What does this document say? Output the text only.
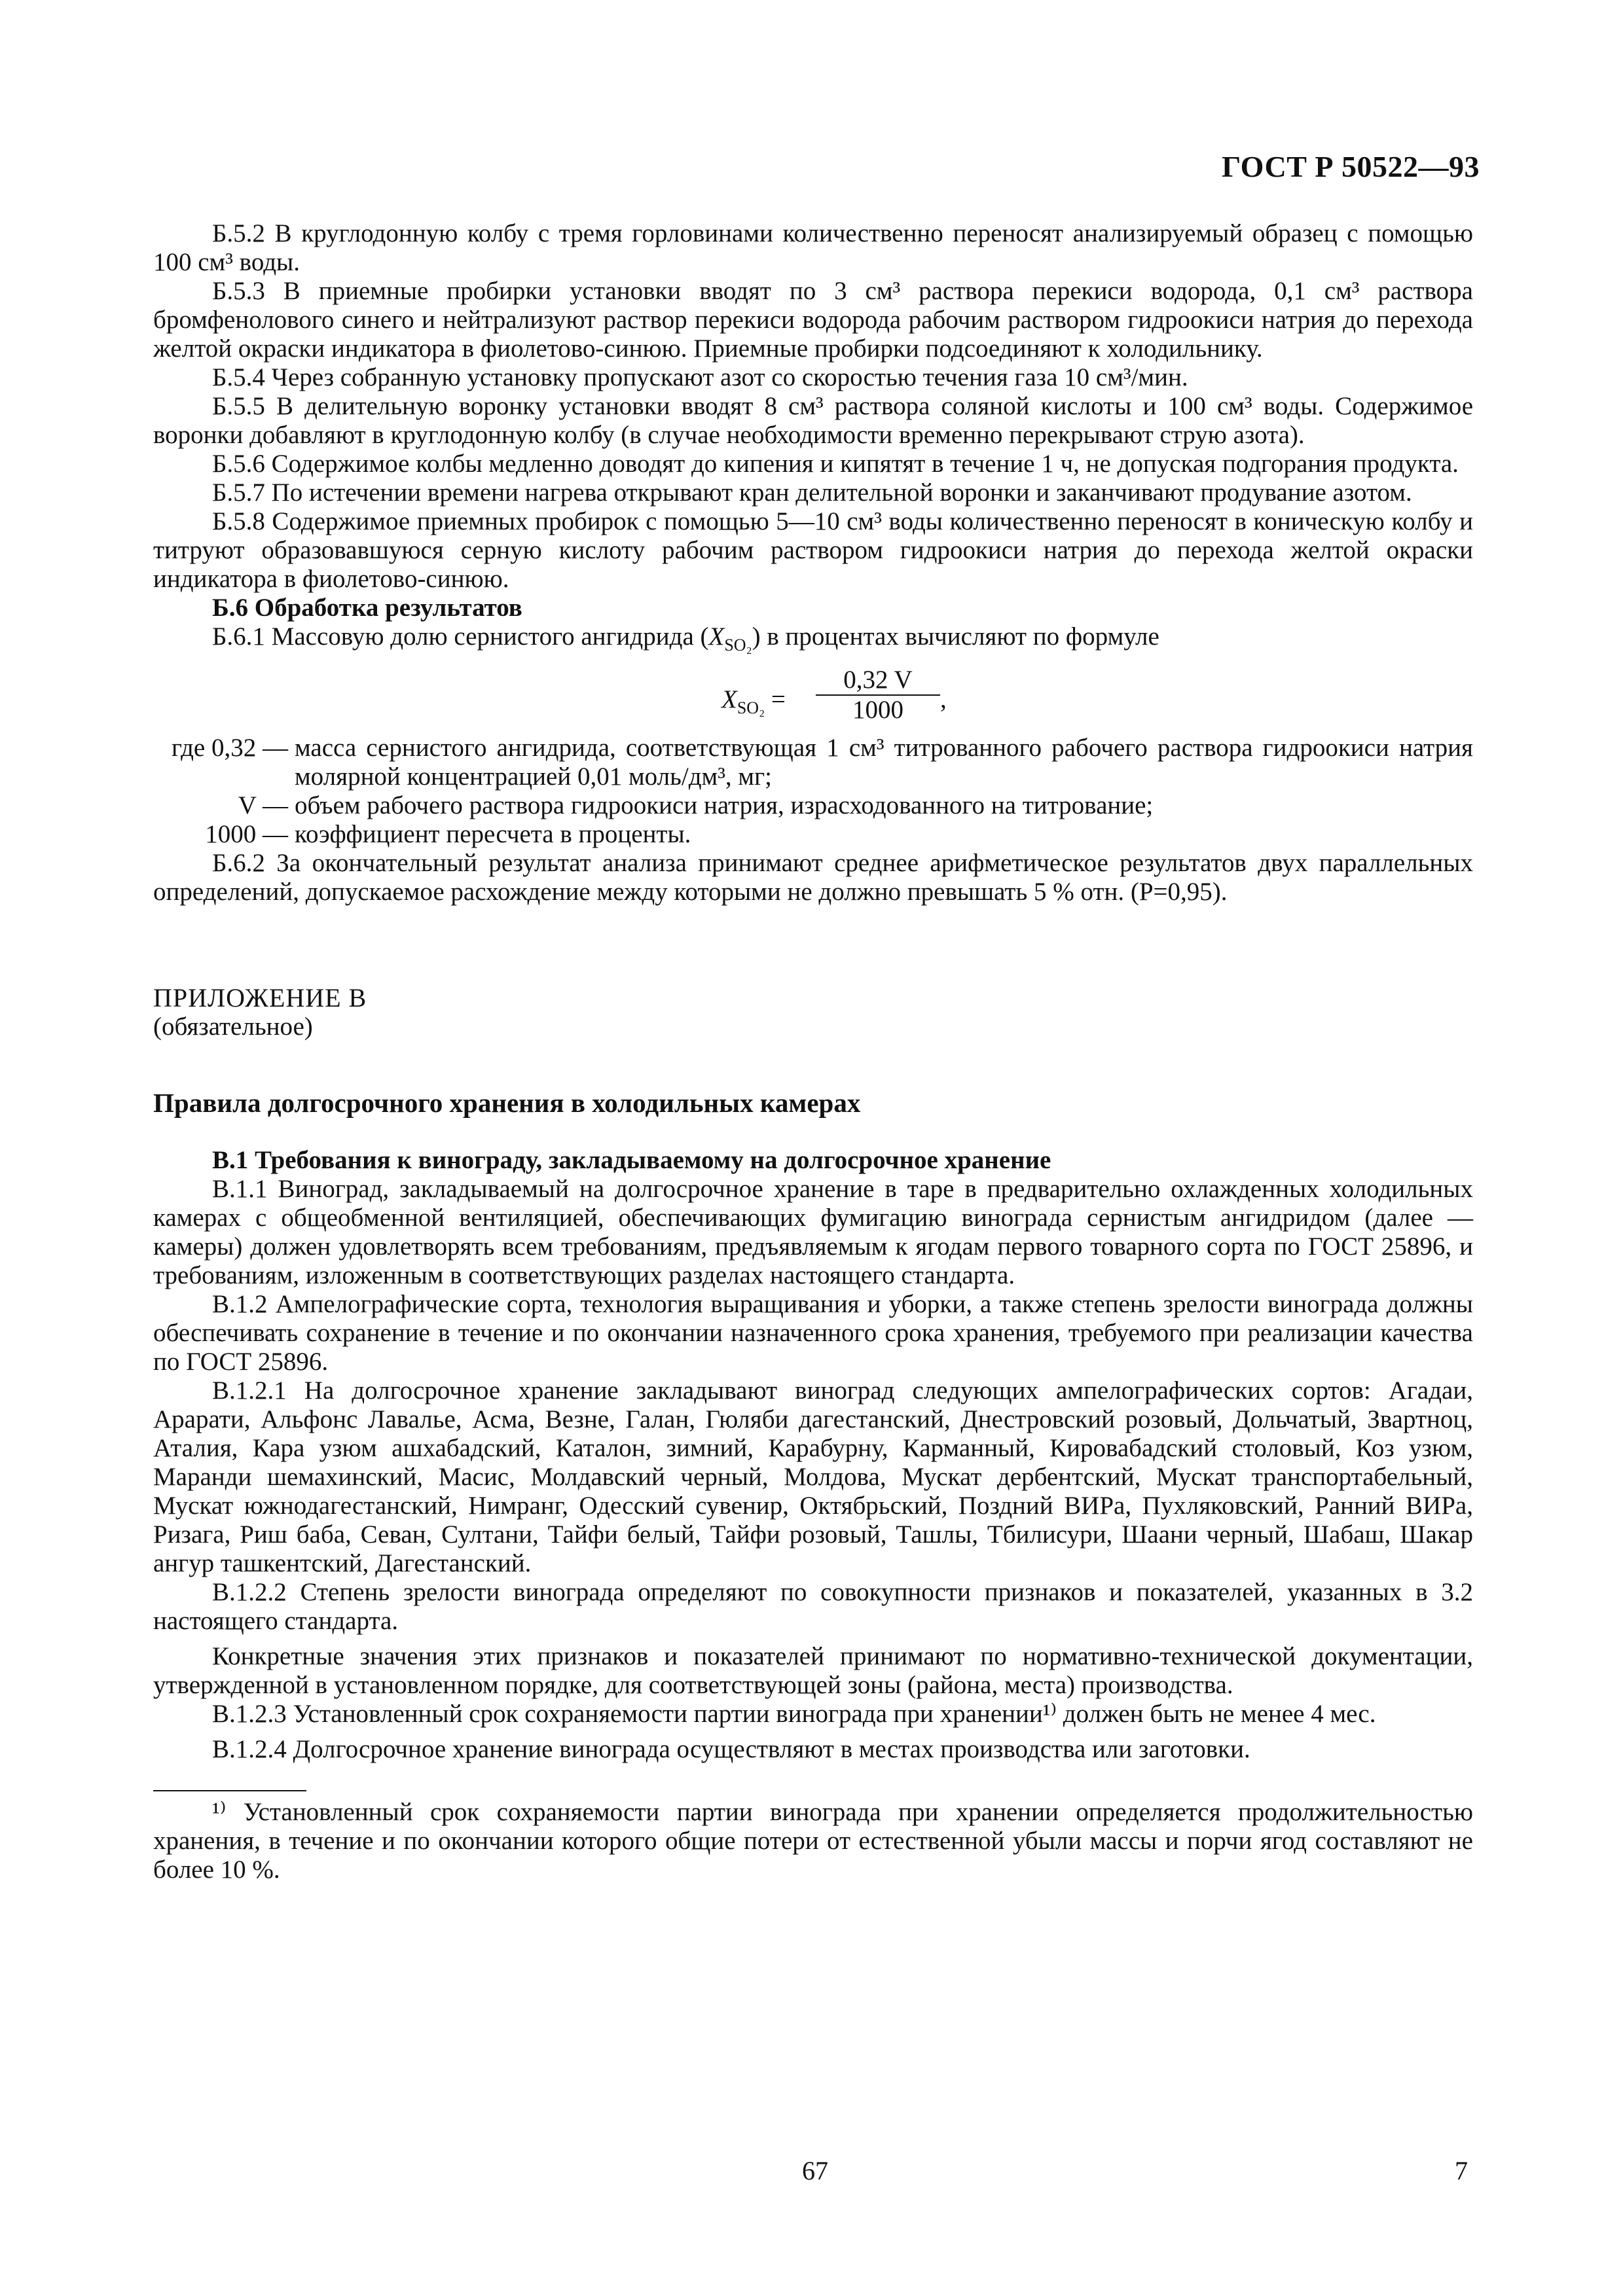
ГОСТ Р 50522—93

Б.5.2 В круглодонную колбу с тремя горловинами количественно переносят анализируемый образец с помощью 100 см³ воды.

Б.5.3 В приемные пробирки установки вводят по 3 см³ раствора перекиси водорода, 0,1 см³ раствора бромфенолового синего и нейтрализуют раствор перекиси водорода рабочим раствором гидроокиси натрия до перехода желтой окраски индикатора в фиолетово-синюю. Приемные пробирки подсоединяют к холодильнику.

Б.5.4 Через собранную установку пропускают азот со скоростью течения газа 10 см³/мин.

Б.5.5 В делительную воронку установки вводят 8 см³ раствора соляной кислоты и 100 см³ воды. Содержимое воронки добавляют в круглодонную колбу (в случае необходимости временно перекрывают струю азота).

Б.5.6 Содержимое колбы медленно доводят до кипения и кипятят в течение 1 ч, не допуская подгорания продукта.

Б.5.7 По истечении времени нагрева открывают кран делительной воронки и заканчивают продувание азотом.

Б.5.8 Содержимое приемных пробирок с помощью 5—10 см³ воды количественно переносят в коническую колбу и титруют образовавшуюся серную кислоту рабочим раствором гидроокиси натрия до перехода желтой окраски индикатора в фиолетово-синюю.

Б.6 Обработка результатов

Б.6.1 Массовую долю сернистого ангидрида $(X_{SO_2})$ в процентах вычисляют по формуле

$X_{SO_2} = \frac{0,32 V}{1000}$ ,
где 0,32 — масса сернистого ангидрида, соответствующая 1 см³ титрованного рабочего раствора гидроокиси натрия молярной концентрацией 0,01 моль/дм³, мг;

V — объем рабочего раствора гидроокиси натрия, израсходованного на титрование;

1000 — коэффициент пересчета в проценты.

Б.6.2 За окончательный результат анализа принимают среднее арифметическое результатов двух параллельных определений, допускаемое расхождение между которыми не должно превышать 5 % отн. (P=0,95).

ПРИЛОЖЕНИЕ В

(обязательное)

Правила долгосрочного хранения в холодильных камерах

В.1 Требования к винограду, закладываемому на долгосрочное хранение

В.1.1 Виноград, закладываемый на долгосрочное хранение в таре в предварительно охлажденных холодильных камерах с общеобменной вентиляцией, обеспечивающих фумигацию винограда сернистым ангидридом (далее — камеры) должен удовлетворять всем требованиям, предъявляемым к ягодам первого товарного сорта по ГОСТ 25896, и требованиям, изложенным в соответствующих разделах настоящего стандарта.

В.1.2 Ампелографические сорта, технология выращивания и уборки, а также степень зрелости винограда должны обеспечивать сохранение в течение и по окончании назначенного срока хранения, требуемого при реализации качества по ГОСТ 25896.

В.1.2.1 На долгосрочное хранение закладывают виноград следующих ампелографических сортов: Агадаи, Арарати, Альфонс Лавалье, Асма, Везне, Галан, Гюляби дагестанский, Днестровский розовый, Дольчатый, Звартноц, Аталия, Кара узюм ашхабадский, Каталон, зимний, Карабурну, Карманный, Кировабадский столовый, Коз узюм, Маранди шемахинский, Масис, Молдавский черный, Молдова, Мускат дербентский, Мускат транспортабельный, Мускат южнодагестанский, Нимранг, Одесский сувенир, Октябрьский, Поздний ВИРа, Пухляковский, Ранний ВИРа, Ризага, Риш баба, Севан, Султани, Тайфи белый, Тайфи розовый, Ташлы, Тбилисури, Шаани черный, Шабаш, Шакар ангур ташкентский, Дагестанский.

В.1.2.2 Степень зрелости винограда определяют по совокупности признаков и показателей, указанных в 3.2 настоящего стандарта.

Конкретные значения этих признаков и показателей принимают по нормативно-технической документации, утвержденной в установленном порядке, для соответствующей зоны (района, места) производства.

В.1.2.3 Установленный срок сохраняемости партии винограда при хранении¹⁾ должен быть не менее 4 мес.

В.1.2.4 Долгосрочное хранение винограда осуществляют в местах производства или заготовки.

¹⁾ Установленный срок сохраняемости партии винограда при хранении определяется продолжительностью хранения, в течение и по окончании которого общие потери от естественной убыли массы и порчи ягод составляют не более 10 %.

67	7
